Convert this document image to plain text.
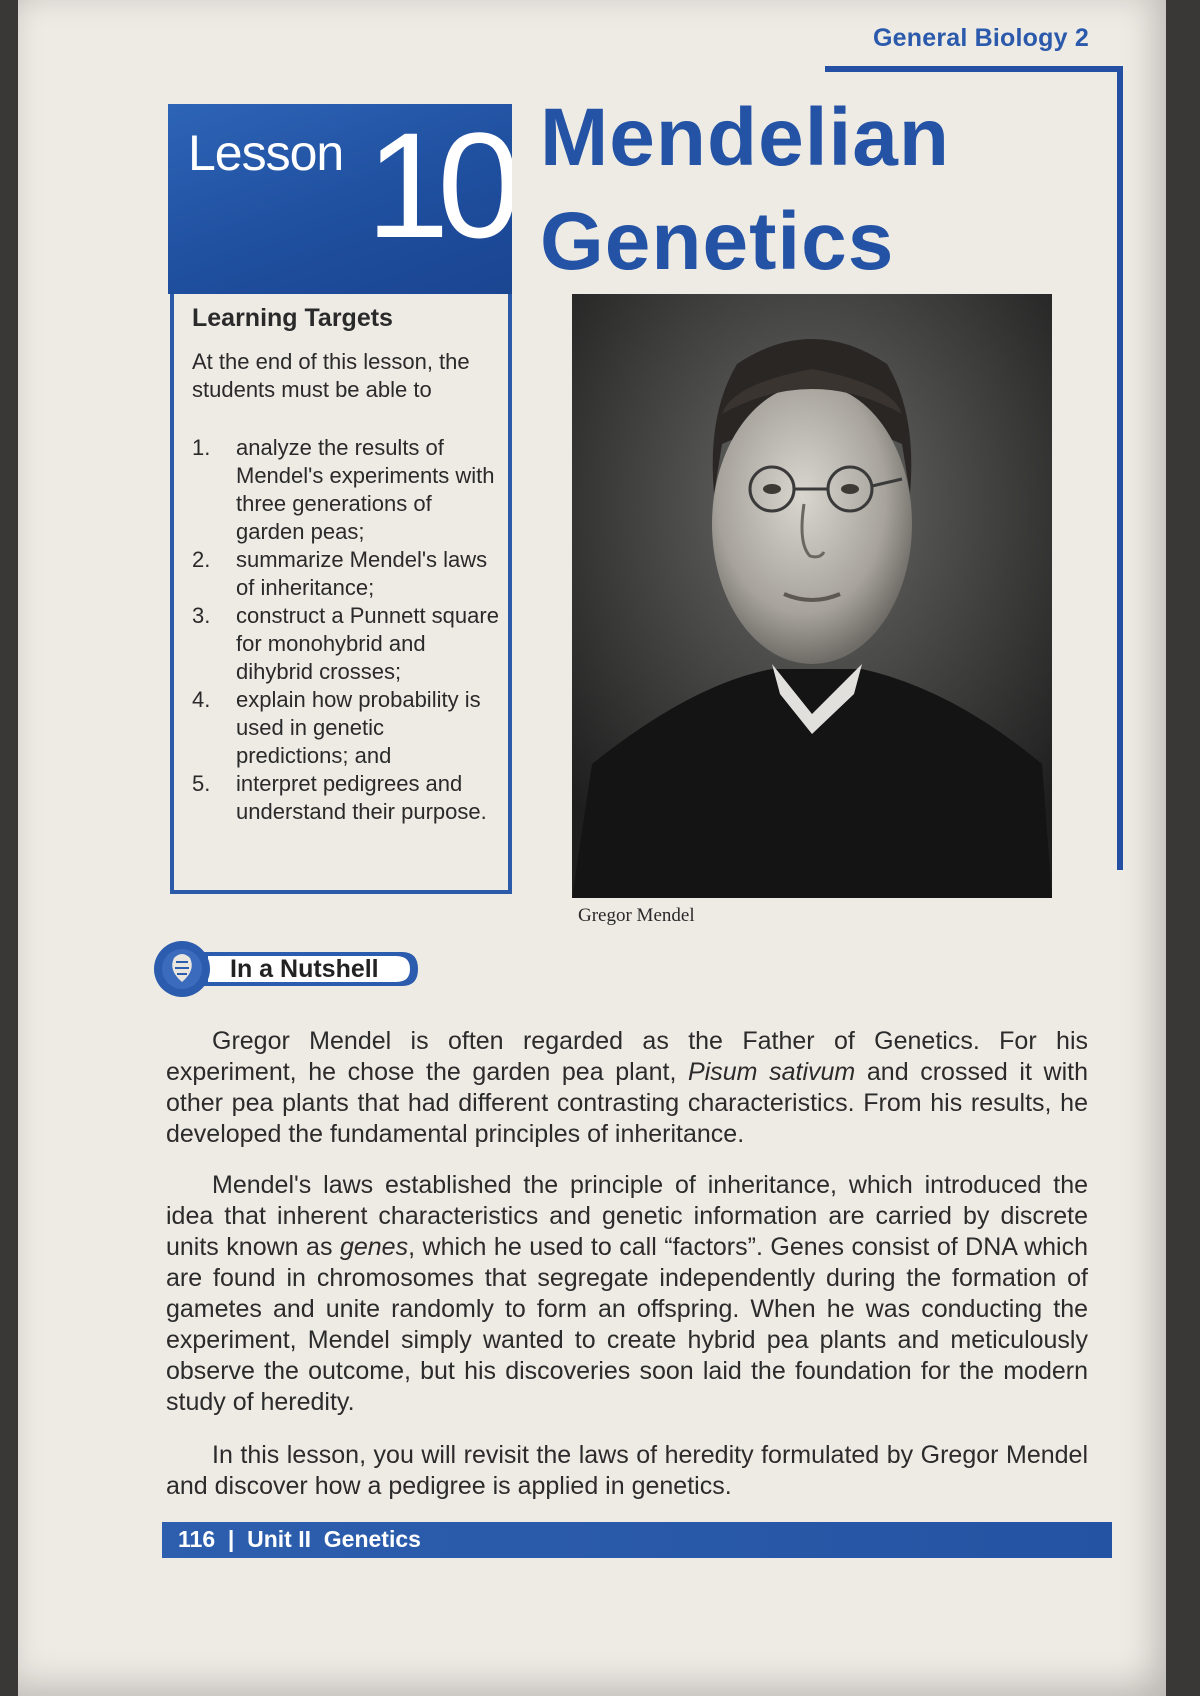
General Biology 2
Lesson 10 Mendelian
Genetics
Learning Targets
At the end of this lesson, the students must be able to
1. analyze the results of Mendel's experiments with three generations of garden peas;
2. summarize Mendel's laws of inheritance;
3. construct a Punnett square for monohybrid and dihybrid crosses;
4. explain how probability is used in genetic predictions; and
5. interpret pedigrees and understand their purpose.
Gregor Mendel
In a Nutshell

Gregor Mendel is often regarded as the Father of Genetics. For his experiment, he chose the garden pea plant, Pisum sativum and crossed it with other pea plants that had different contrasting characteristics. From his results, he developed the fundamental principles of inheritance.

Mendel's laws established the principle of inheritance, which introduced the idea that inherent characteristics and genetic information are carried by discrete units known as genes, which he used to call “factors”. Genes consist of DNA which are found in chromosomes that segregate independently during the formation of gametes and unite randomly to form an offspring. When he was conducting the experiment, Mendel simply wanted to create hybrid pea plants and meticulously observe the outcome, but his discoveries soon laid the foundation for the modern study of heredity.

In this lesson, you will revisit the laws of heredity formulated by Gregor Mendel and discover how a pedigree is applied in genetics.

116 | Unit II  Genetics
